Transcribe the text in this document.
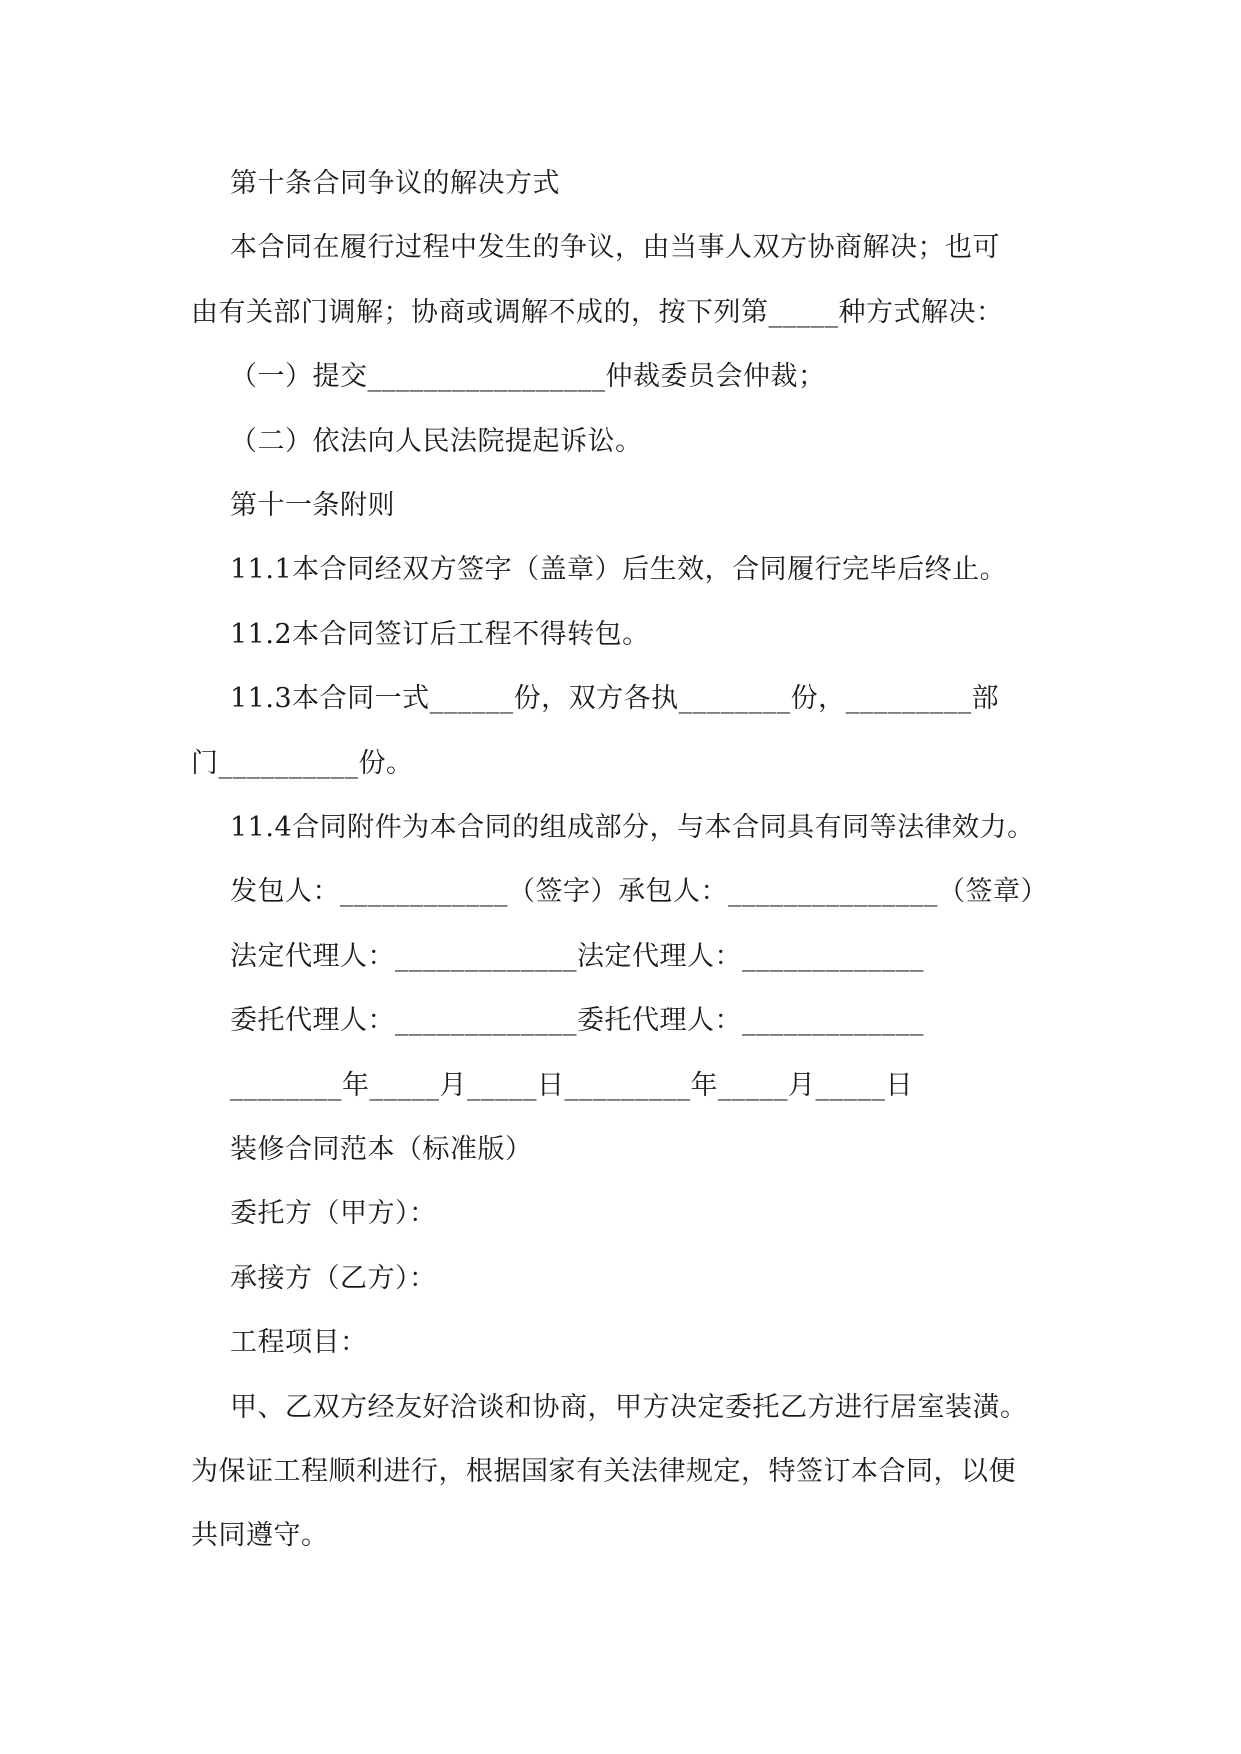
第十条合同争议的解决方式
本合同在履行过程中发生的争议，由当事人双方协商解决；也可
由有关部门调解；协商或调解不成的，按下列第_____种方式解决：
（一）提交_________________仲裁委员会仲裁；
（二）依法向人民法院提起诉讼。
第十一条附则
11.1本合同经双方签字（盖章）后生效，合同履行完毕后终止。
11.2本合同签订后工程不得转包。
11.3本合同一式______份，双方各执________份，_________部
门__________份。
11.4合同附件为本合同的组成部分，与本合同具有同等法律效力。
发包人：____________（签字）承包人：_______________（签章）
法定代理人：_____________法定代理人：_____________
委托代理人：_____________委托代理人：_____________
________年_____月_____日_________年_____月_____日
装修合同范本（标准版）
委托方（甲方）：
承接方（乙方）：
工程项目：
甲、乙双方经友好洽谈和协商，甲方决定委托乙方进行居室装潢。
为保证工程顺利进行，根据国家有关法律规定，特签订本合同，以便
共同遵守。
